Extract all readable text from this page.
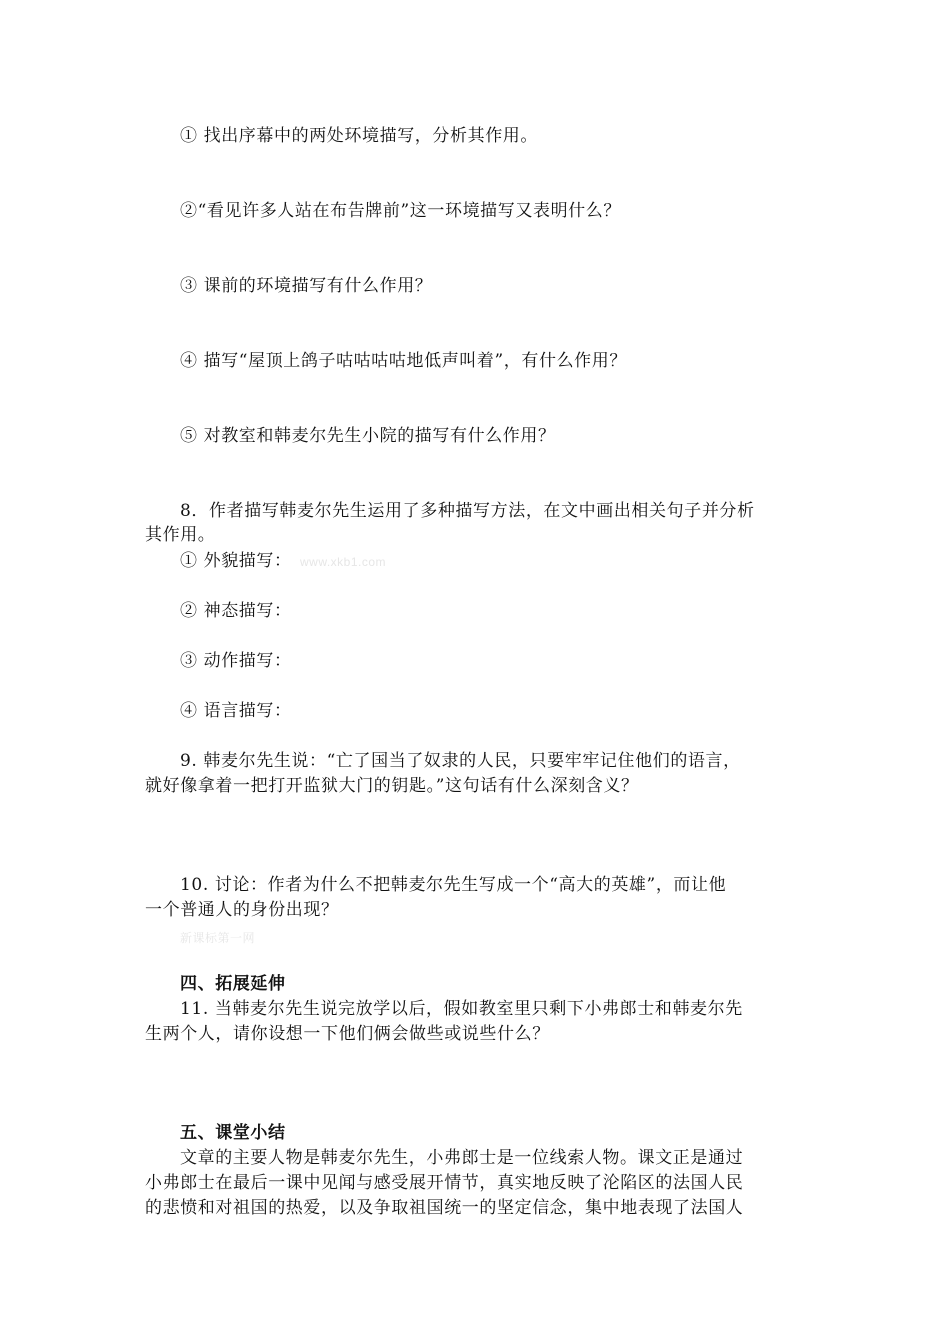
① 找出序幕中的两处环境描写，分析其作用。
②“看见许多人站在布告牌前”这一环境描写又表明什么？
③ 课前的环境描写有什么作用？
④ 描写“屋顶上鸽子咕咕咕咕地低声叫着”，有什么作用？
⑤ 对教室和韩麦尔先生小院的描写有什么作用？
8．作者描写韩麦尔先生运用了多种描写方法，在文中画出相关句子并分析
其作用。
① 外貌描写： www.xkb1.com
② 神态描写：
③ 动作描写：
④ 语言描写：
9. 韩麦尔先生说：“亡了国当了奴隶的人民，只要牢牢记住他们的语言，
就好像拿着一把打开监狱大门的钥匙。”这句话有什么深刻含义？
10. 讨论：作者为什么不把韩麦尔先生写成一个“高大的英雄”，而让他
一个普通人的身份出现？
新课标第一网
四、拓展延伸
11. 当韩麦尔先生说完放学以后，假如教室里只剩下小弗郎士和韩麦尔先
生两个人，请你设想一下他们俩会做些或说些什么？
五、课堂小结
文章的主要人物是韩麦尔先生，小弗郎士是一位线索人物。课文正是通过
小弗郎士在最后一课中见闻与感受展开情节，真实地反映了沦陷区的法国人民
的悲愤和对祖国的热爱，以及争取祖国统一的坚定信念，集中地表现了法国人
